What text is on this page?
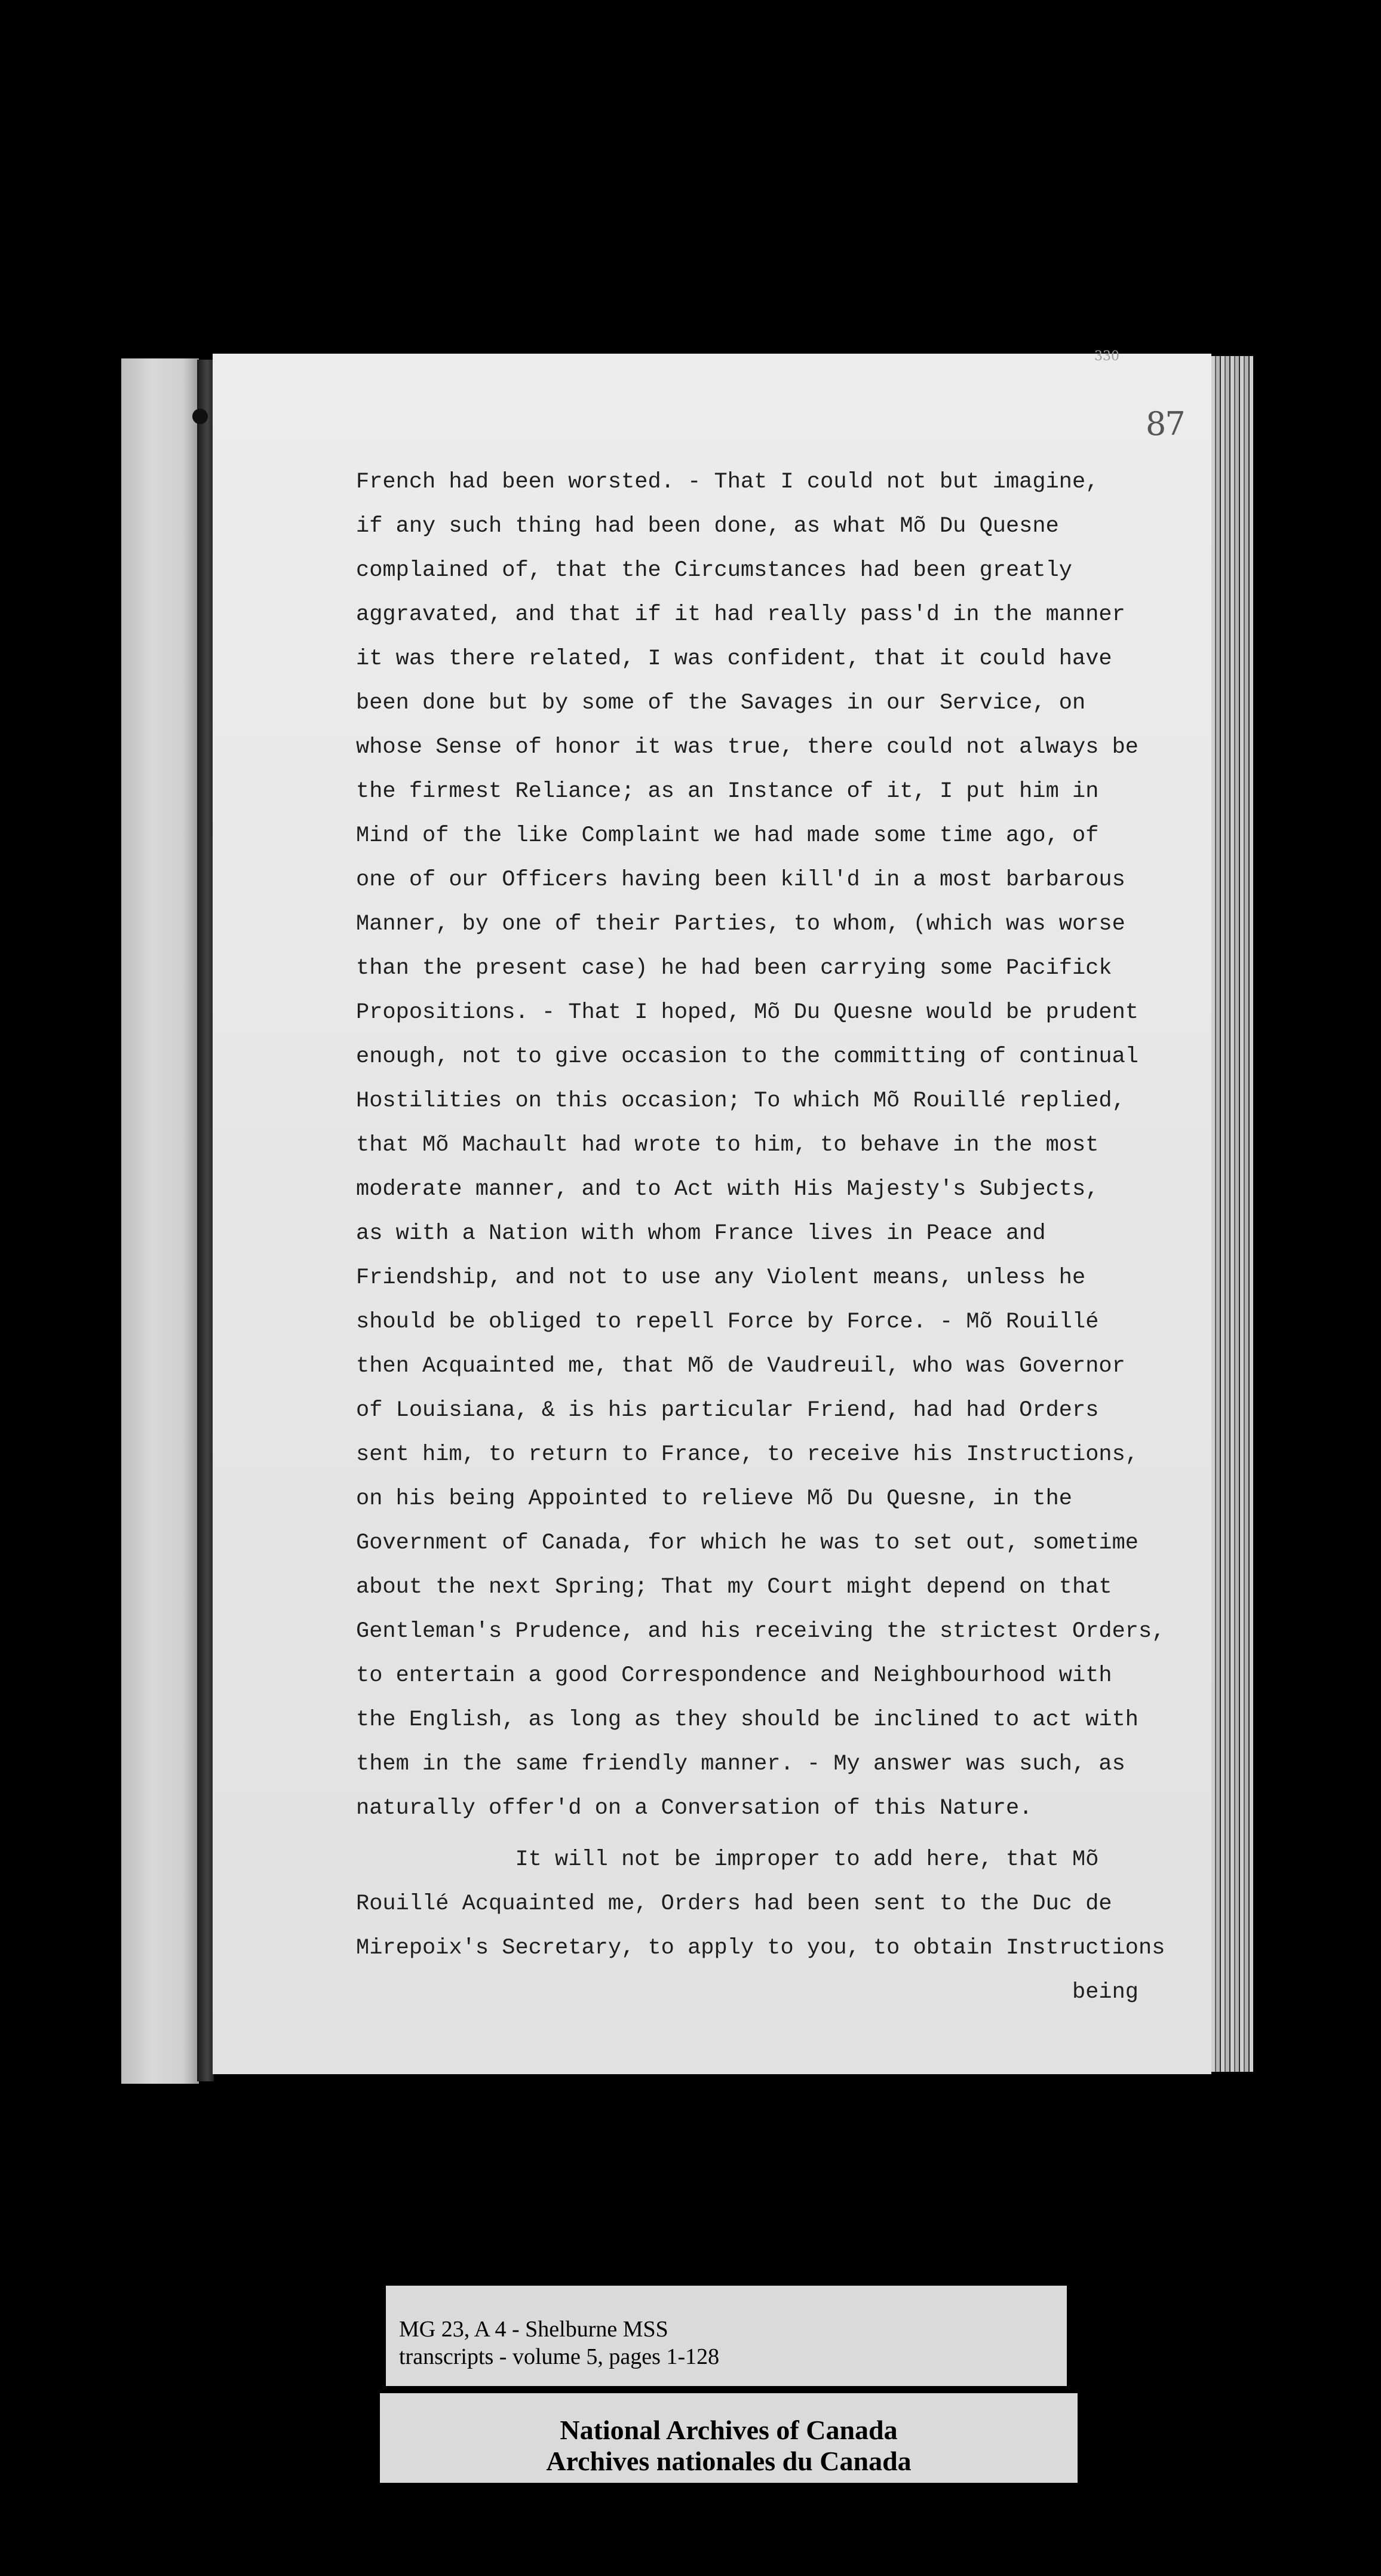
330
87
French had been worsted. - That I could not but imagine,
if any such thing had been done, as what Mõ Du Quesne
complained of, that the Circumstances had been greatly
aggravated, and that if it had really pass'd in the manner
it was there related, I was confident, that it could have
been done but by some of the Savages in our Service, on
whose Sense of honor it was true, there could not always be
the firmest Reliance; as an Instance of it, I put him in
Mind of the like Complaint we had made some time ago, of
one of our Officers having been kill'd in a most barbarous
Manner, by one of their Parties, to whom, (which was worse
than the present case) he had been carrying some Pacifick
Propositions. - That I hoped, Mõ Du Quesne would be prudent
enough, not to give occasion to the committing of continual
Hostilities on this occasion; To which Mõ Rouillé replied,
that Mõ Machault had wrote to him, to behave in the most
moderate manner, and to Act with His Majesty's Subjects,
as with a Nation with whom France lives in Peace and
Friendship, and not to use any Violent means, unless he
should be obliged to repell Force by Force. - Mõ Rouillé
then Acquainted me, that Mõ de Vaudreuil, who was Governor
of Louisiana, & is his particular Friend, had had Orders
sent him, to return to France, to receive his Instructions,
on his being Appointed to relieve Mõ Du Quesne, in the
Government of Canada, for which he was to set out, sometime
about the next Spring; That my Court might depend on that
Gentleman's Prudence, and his receiving the strictest Orders,
to entertain a good Correspondence and Neighbourhood with
the English, as long as they should be inclined to act with
them in the same friendly manner. - My answer was such, as
naturally offer'd on a Conversation of this Nature.
It will not be improper to add here, that Mõ
Rouillé Acquainted me, Orders had been sent to the Duc de
Mirepoix's Secretary, to apply to you, to obtain Instructions
being
MG 23, A 4 - Shelburne MSS
transcripts - volume 5, pages 1-128
National Archives of Canada
Archives nationales du Canada
